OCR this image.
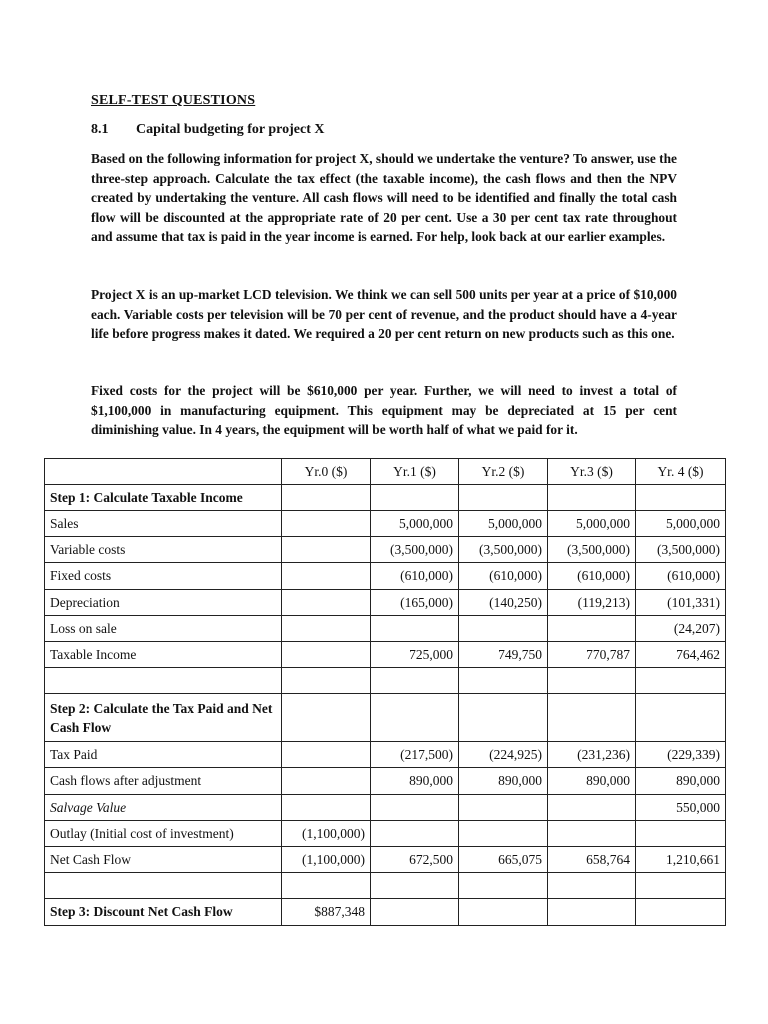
SELF-TEST QUESTIONS
8.1 Capital budgeting for project X
Based on the following information for project X, should we undertake the venture? To answer, use the three-step approach. Calculate the tax effect (the taxable income), the cash flows and then the NPV created by undertaking the venture. All cash flows will need to be identified and finally the total cash flow will be discounted at the appropriate rate of 20 per cent. Use a 30 per cent tax rate throughout and assume that tax is paid in the year income is earned. For help, look back at our earlier examples.
Project X is an up-market LCD television. We think we can sell 500 units per year at a price of $10,000 each. Variable costs per television will be 70 per cent of revenue, and the product should have a 4-year life before progress makes it dated. We required a 20 per cent return on new products such as this one.
Fixed costs for the project will be $610,000 per year. Further, we will need to invest a total of $1,100,000 in manufacturing equipment. This equipment may be depreciated at 15 per cent diminishing value. In 4 years, the equipment will be worth half of what we paid for it.
	Yr.0 ($)	Yr.1 ($)	Yr.2 ($)	Yr.3 ($)	Yr. 4 ($)
Step 1: Calculate Taxable Income					
Sales		5,000,000	5,000,000	5,000,000	5,000,000
Variable costs		(3,500,000)	(3,500,000)	(3,500,000)	(3,500,000)
Fixed costs		(610,000)	(610,000)	(610,000)	(610,000)
Depreciation		(165,000)	(140,250)	(119,213)	(101,331)
Loss on sale					(24,207)
Taxable Income		725,000	749,750	770,787	764,462

Step 2: Calculate the Tax Paid and Net Cash Flow					
Tax Paid		(217,500)	(224,925)	(231,236)	(229,339)
Cash flows after adjustment		890,000	890,000	890,000	890,000
Salvage Value					550,000
Outlay (Initial cost of investment)	(1,100,000)				
Net Cash Flow	(1,100,000)	672,500	665,075	658,764	1,210,661

Step 3: Discount Net Cash Flow	$887,348				
